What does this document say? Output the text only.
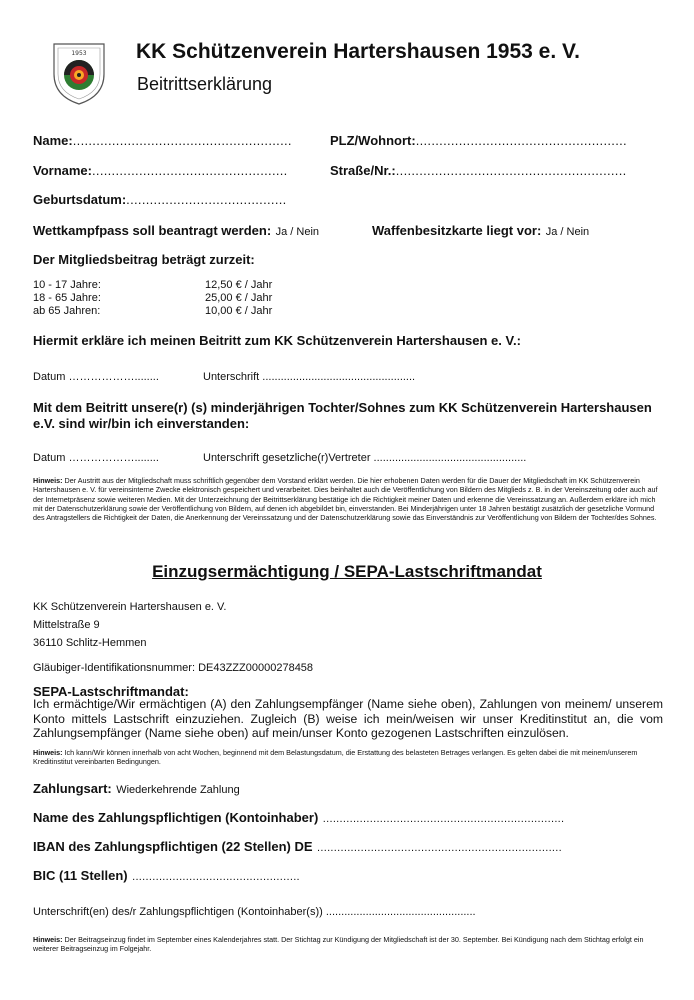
1953 KK Schützenverein Hartershausen 1953 e. V.
Beitrittserklärung
Name:........................................................	PLZ/Wohnort:......................................................
Vorname:..................................................	Straße/Nr.:...........................................................
Geburtsdatum:.........................................
Wettkampfpass soll beantragt werden: Ja / Nein	Waffenbesitzkarte liegt vor: Ja / Nein
Der Mitgliedsbeitrag beträgt zurzeit:
10 - 17 Jahre:	12,50 € / Jahr
18 - 65 Jahre:	25,00 € / Jahr
ab 65 Jahren:	10,00 € / Jahr
Hiermit erkläre ich meinen Beitritt zum KK Schützenverein Hartershausen e. V.:
Datum ………………........	Unterschrift ..................................................
Mit dem Beitritt unsere(r) (s) minderjährigen Tochter/Sohnes zum KK Schützenverein Hartershausen e.V. sind wir/bin ich einverstanden:
Datum ………………........	Unterschrift gesetzliche(r)Vertreter ..................................................
Hinweis: Der Austritt aus der Mitgliedschaft muss schriftlich gegenüber dem Vorstand erklärt werden. Die hier erhobenen Daten werden für die Dauer der Mitgliedschaft im KK Schützenverein Hartershausen e. V. für vereinsinterne Zwecke elektronisch gespeichert und verarbeitet. Dies beinhaltet auch die Veröffentlichung von Bildern des Mitglieds z. B. in der Vereinszeitung oder auch auf der Internetpräsenz sowie weiteren Medien. Mit der Unterzeichnung der Beitrittserklärung bestätige ich die Richtigkeit meiner Daten und erkenne die Vereinssatzung an. Außerdem erkläre ich mich mit der Datenschutzerklärung sowie der Veröffentlichung von Bildern, auf denen ich abgebildet bin, einverstanden. Bei Minderjährigen unter 18 Jahren bestätigt zusätzlich der gesetzliche Vormund des Antragstellers die Richtigkeit der Daten, die Anerkennung der Vereinssatzung und der Datenschutzerklärung sowie das Einverständnis zur Veröffentlichung von Bildern der Tochter/des Sohnes.
Einzugsermächtigung / SEPA-Lastschriftmandat
KK Schützenverein Hartershausen e. V.
Mittelstraße 9
36110 Schlitz-Hemmen
Gläubiger-Identifikationsnummer: DE43ZZZ00000278458
SEPA-Lastschriftmandat:
Ich ermächtige/Wir ermächtigen (A) den Zahlungsempfänger (Name siehe oben), Zahlungen von meinem/ unserem Konto mittels Lastschrift einzuziehen. Zugleich (B) weise ich mein/weisen wir unser Kreditinstitut an, die vom Zahlungsempfänger (Name siehe oben) auf mein/unser Konto gezogenen Lastschriften einzulösen.
Hinweis: Ich kann/Wir können innerhalb von acht Wochen, beginnend mit dem Belastungsdatum, die Erstattung des belasteten Betrages verlangen. Es gelten dabei die mit meinem/unserem Kreditinstitut vereinbarten Bedingungen.
Zahlungsart: Wiederkehrende Zahlung
Name des Zahlungspflichtigen (Kontoinhaber) ........................................................................
IBAN des Zahlungspflichtigen (22 Stellen) DE .........................................................................
BIC (11 Stellen) ..................................................
Unterschrift(en) des/r Zahlungspflichtigen (Kontoinhaber(s)) .................................................
Hinweis: Der Beitragseinzug findet im September eines Kalenderjahres statt. Der Stichtag zur Kündigung der Mitgliedschaft ist der 30. September. Bei Kündigung nach dem Stichtag erfolgt ein weiterer Beitragseinzug im Folgejahr.
